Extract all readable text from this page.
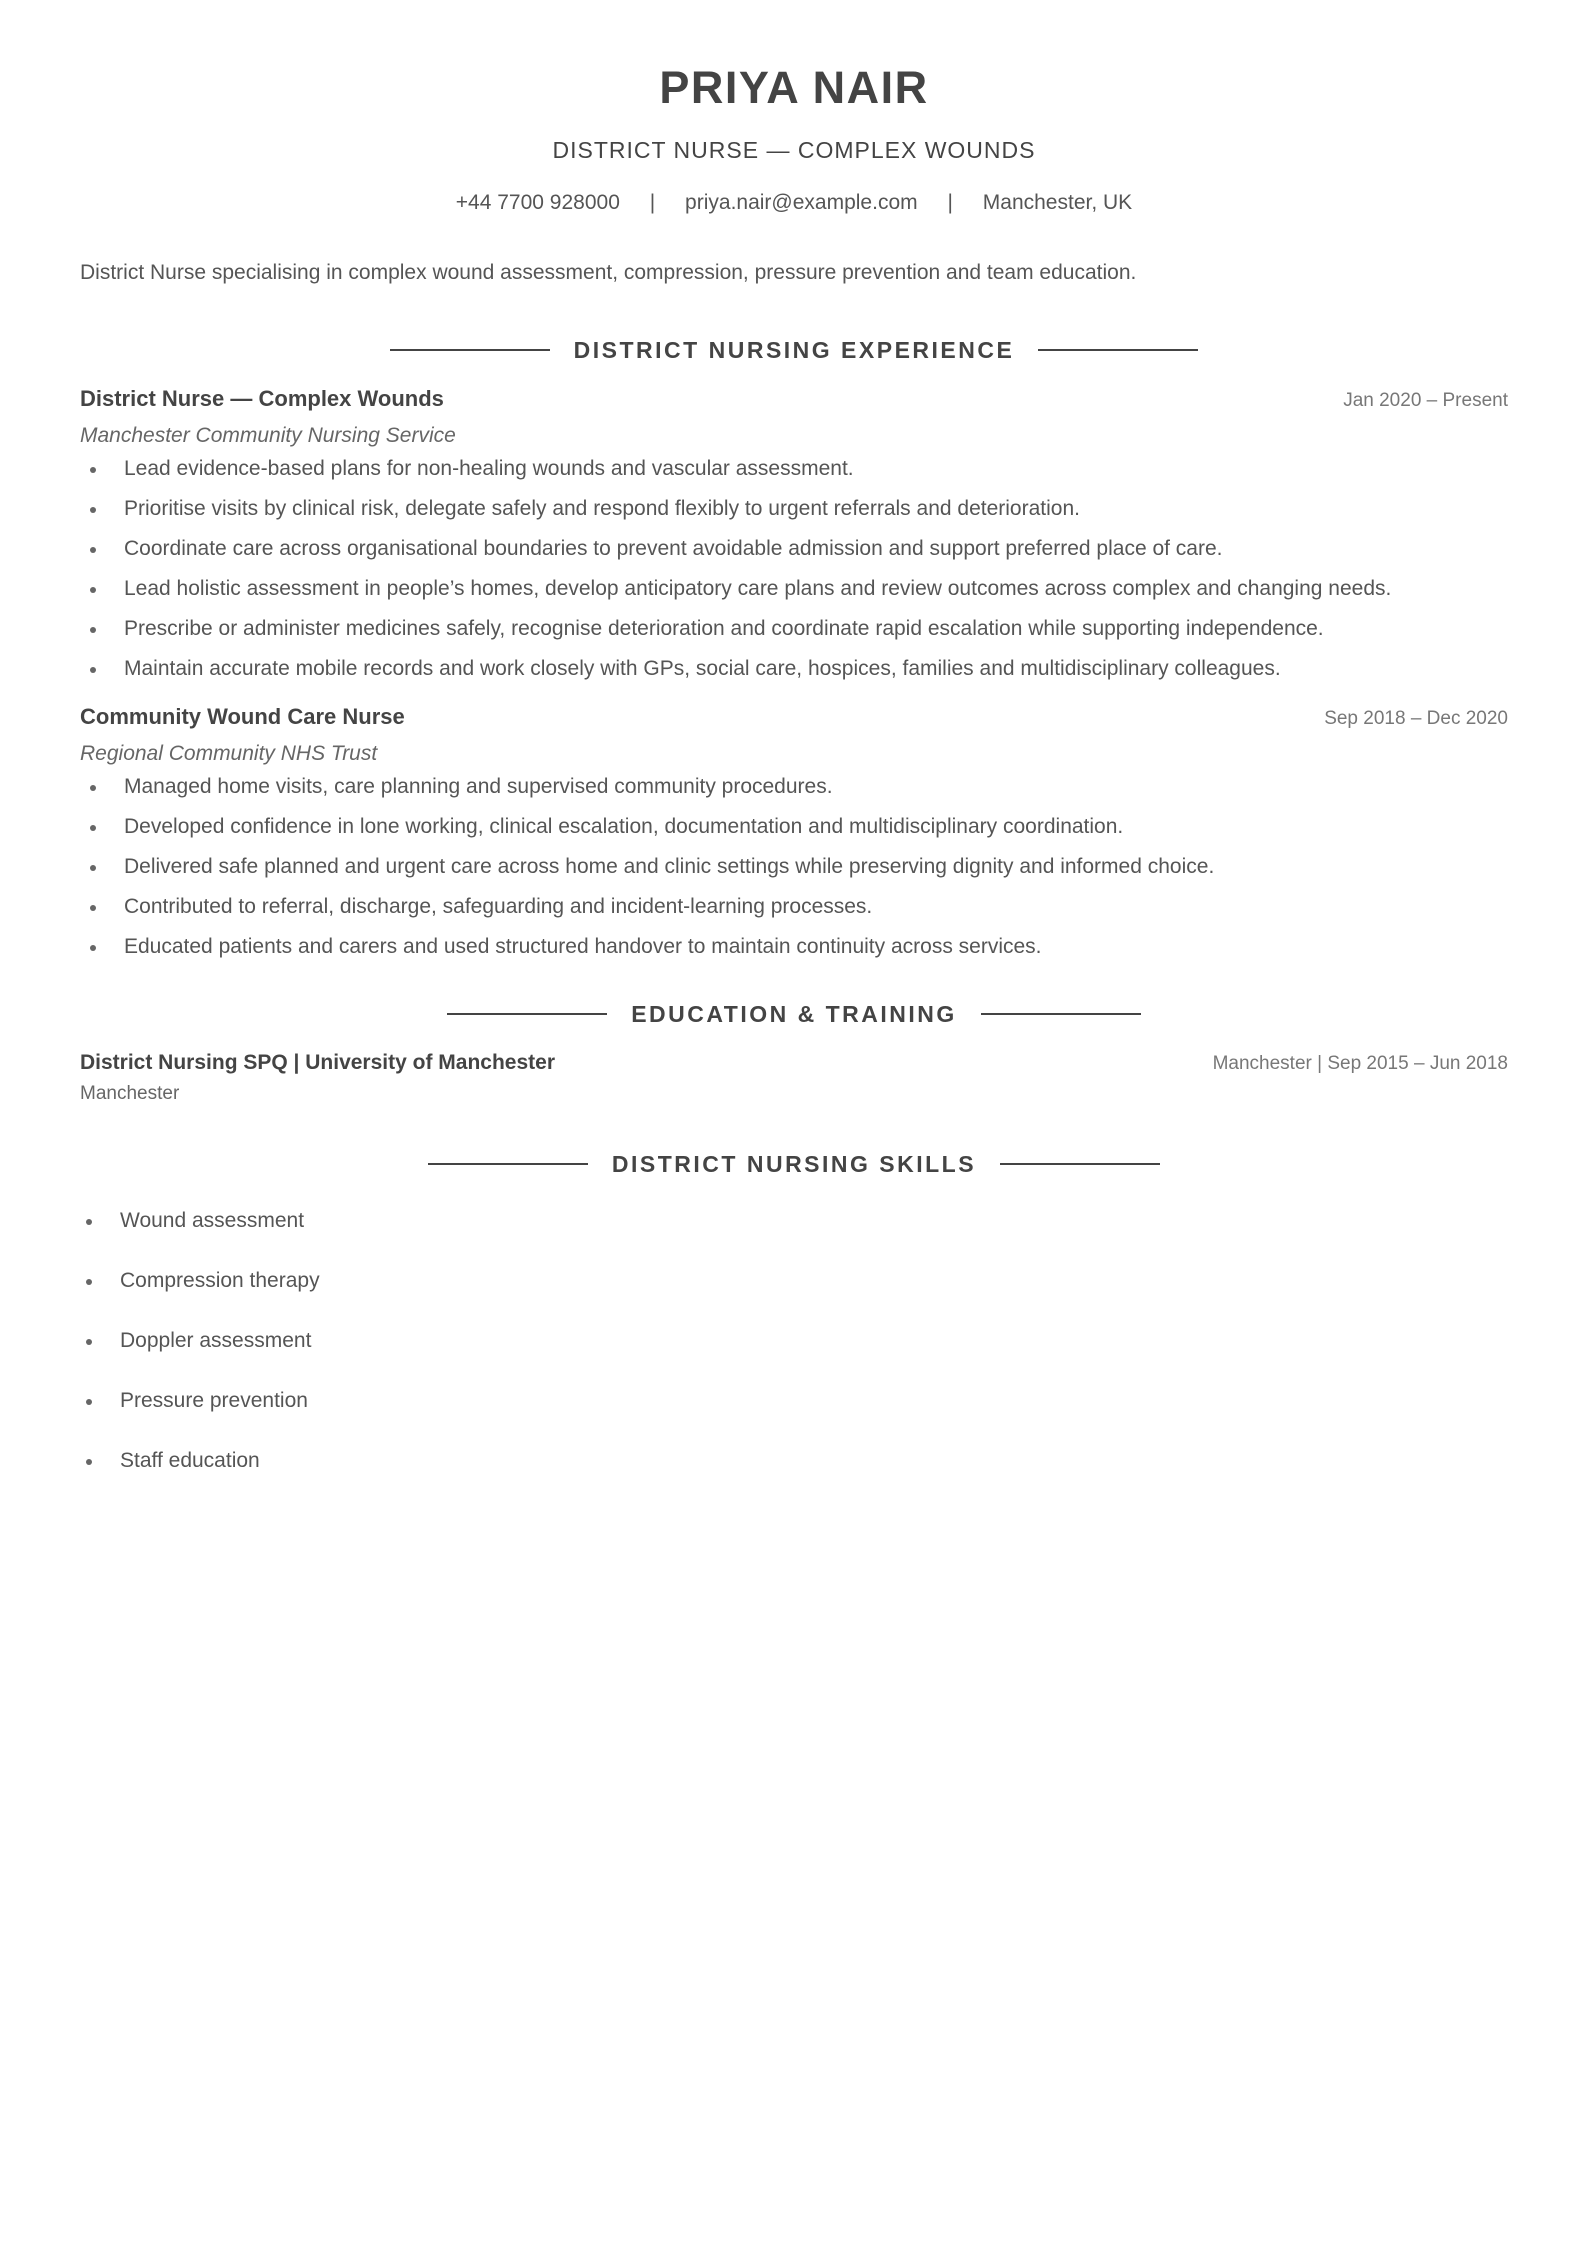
PRIYA NAIR
DISTRICT NURSE — COMPLEX WOUNDS
+44 7700 928000 | priya.nair@example.com | Manchester, UK
District Nurse specialising in complex wound assessment, compression, pressure prevention and team education.
DISTRICT NURSING EXPERIENCE
District Nurse — Complex Wounds	Jan 2020 – Present
Manchester Community Nursing Service
Lead evidence-based plans for non-healing wounds and vascular assessment.
Prioritise visits by clinical risk, delegate safely and respond flexibly to urgent referrals and deterioration.
Coordinate care across organisational boundaries to prevent avoidable admission and support preferred place of care.
Lead holistic assessment in people’s homes, develop anticipatory care plans and review outcomes across complex and changing needs.
Prescribe or administer medicines safely, recognise deterioration and coordinate rapid escalation while supporting independence.
Maintain accurate mobile records and work closely with GPs, social care, hospices, families and multidisciplinary colleagues.
Community Wound Care Nurse	Sep 2018 – Dec 2020
Regional Community NHS Trust
Managed home visits, care planning and supervised community procedures.
Developed confidence in lone working, clinical escalation, documentation and multidisciplinary coordination.
Delivered safe planned and urgent care across home and clinic settings while preserving dignity and informed choice.
Contributed to referral, discharge, safeguarding and incident-learning processes.
Educated patients and carers and used structured handover to maintain continuity across services.
EDUCATION & TRAINING
District Nursing SPQ | University of Manchester	Manchester | Sep 2015 – Jun 2018
Manchester
DISTRICT NURSING SKILLS
Wound assessment
Compression therapy
Doppler assessment
Pressure prevention
Staff education
